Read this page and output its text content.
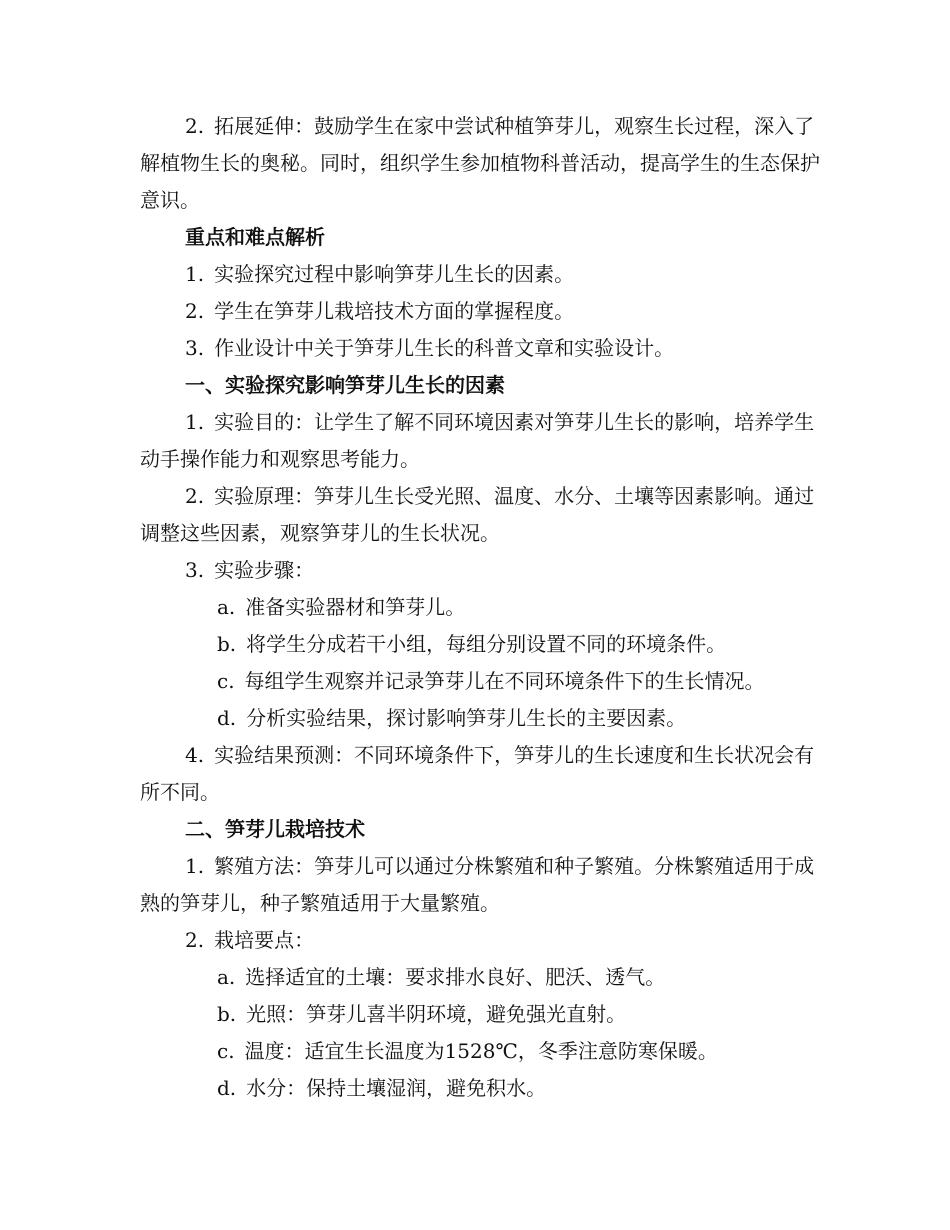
2. 拓展延伸：鼓励学生在家中尝试种植笋芽儿，观察生长过程，深入了解植物生长的奥秘。同时，组织学生参加植物科普活动，提高学生的生态保护意识。

重点和难点解析

1. 实验探究过程中影响笋芽儿生长的因素。

2. 学生在笋芽儿栽培技术方面的掌握程度。

3. 作业设计中关于笋芽儿生长的科普文章和实验设计。

一、实验探究影响笋芽儿生长的因素

1. 实验目的：让学生了解不同环境因素对笋芽儿生长的影响，培养学生动手操作能力和观察思考能力。

2. 实验原理：笋芽儿生长受光照、温度、水分、土壤等因素影响。通过调整这些因素，观察笋芽儿的生长状况。

3. 实验步骤：

a. 准备实验器材和笋芽儿。

b. 将学生分成若干小组，每组分别设置不同的环境条件。

c. 每组学生观察并记录笋芽儿在不同环境条件下的生长情况。

d. 分析实验结果，探讨影响笋芽儿生长的主要因素。

4. 实验结果预测：不同环境条件下，笋芽儿的生长速度和生长状况会有所不同。

二、笋芽儿栽培技术

1. 繁殖方法：笋芽儿可以通过分株繁殖和种子繁殖。分株繁殖适用于成熟的笋芽儿，种子繁殖适用于大量繁殖。

2. 栽培要点：

a. 选择适宜的土壤：要求排水良好、肥沃、透气。

b. 光照：笋芽儿喜半阴环境，避免强光直射。

c. 温度：适宜生长温度为1528℃，冬季注意防寒保暖。

d. 水分：保持土壤湿润，避免积水。
